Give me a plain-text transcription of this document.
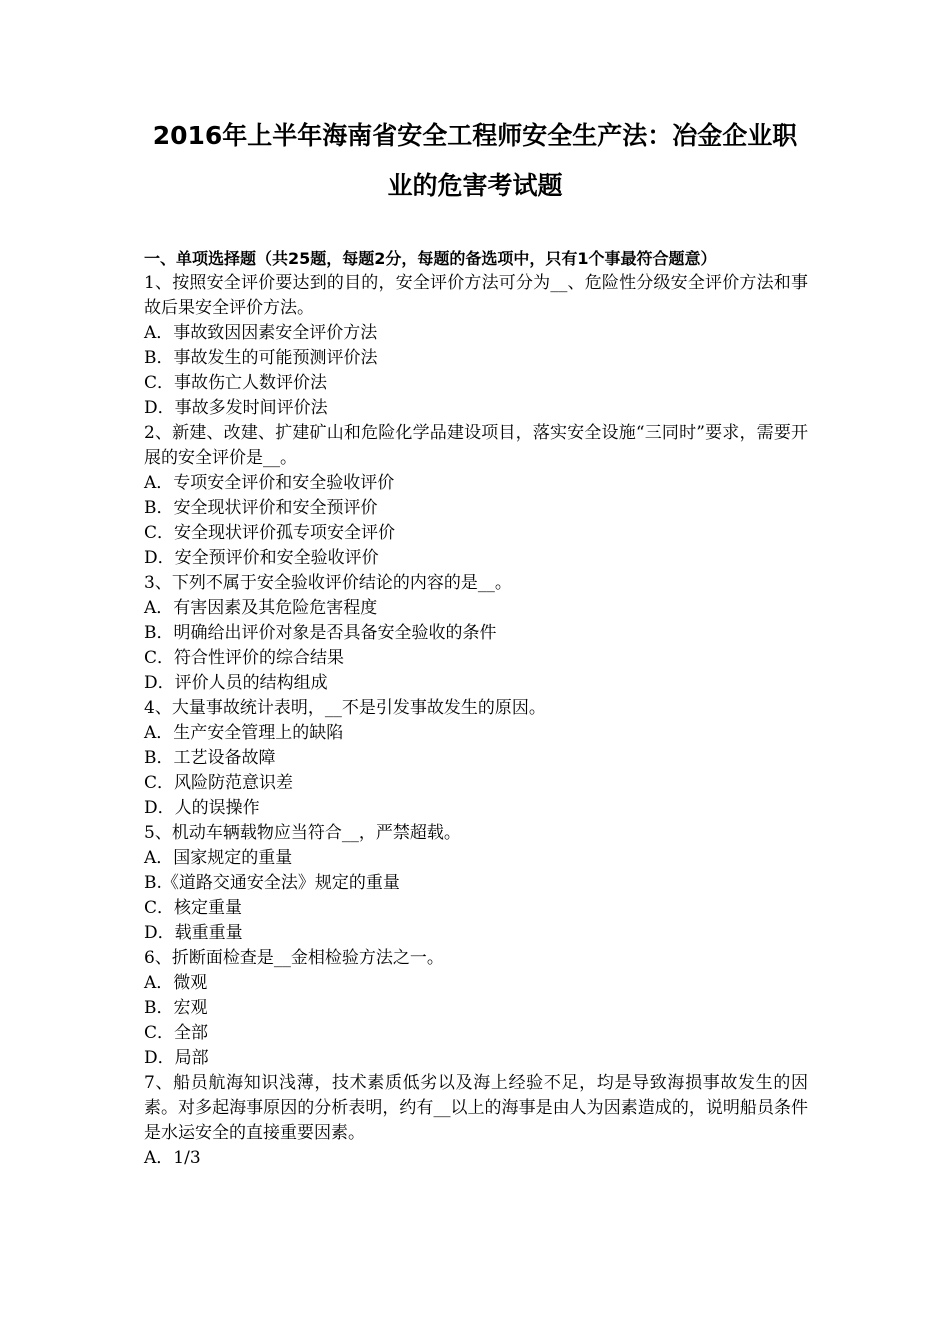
2016年上半年海南省安全工程师安全生产法：冶金企业职
业的危害考试题
一、单项选择题（共25题，每题2分，每题的备选项中，只有1个事最符合题意）
1、按照安全评价要达到的目的，安全评价方法可分为__、危险性分级安全评价方法和事故后果安全评价方法。
A．事故致因因素安全评价方法
B．事故发生的可能预测评价法
C．事故伤亡人数评价法
D．事故多发时间评价法
2、新建、改建、扩建矿山和危险化学品建设项目，落实安全设施“三同时”要求，需要开展的安全评价是__。
A．专项安全评价和安全验收评价
B．安全现状评价和安全预评价
C．安全现状评价孤专项安全评价
D．安全预评价和安全验收评价
3、下列不属于安全验收评价结论的内容的是__。
A．有害因素及其危险危害程度
B．明确给出评价对象是否具备安全验收的条件
C．符合性评价的综合结果
D．评价人员的结构组成
4、大量事故统计表明，__不是引发事故发生的原因。
A．生产安全管理上的缺陷
B．工艺设备故障
C．风险防范意识差
D．人的误操作
5、机动车辆载物应当符合__，严禁超载。
A．国家规定的重量
B.《道路交通安全法》规定的重量
C．核定重量
D．载重重量
6、折断面检查是__金相检验方法之一。
A．微观
B．宏观
C．全部
D．局部
7、船员航海知识浅薄，技术素质低劣以及海上经验不足，均是导致海损事故发生的因素。对多起海事原因的分析表明，约有__以上的海事是由人为因素造成的，说明船员条件是水运安全的直接重要因素。
A．1/3
